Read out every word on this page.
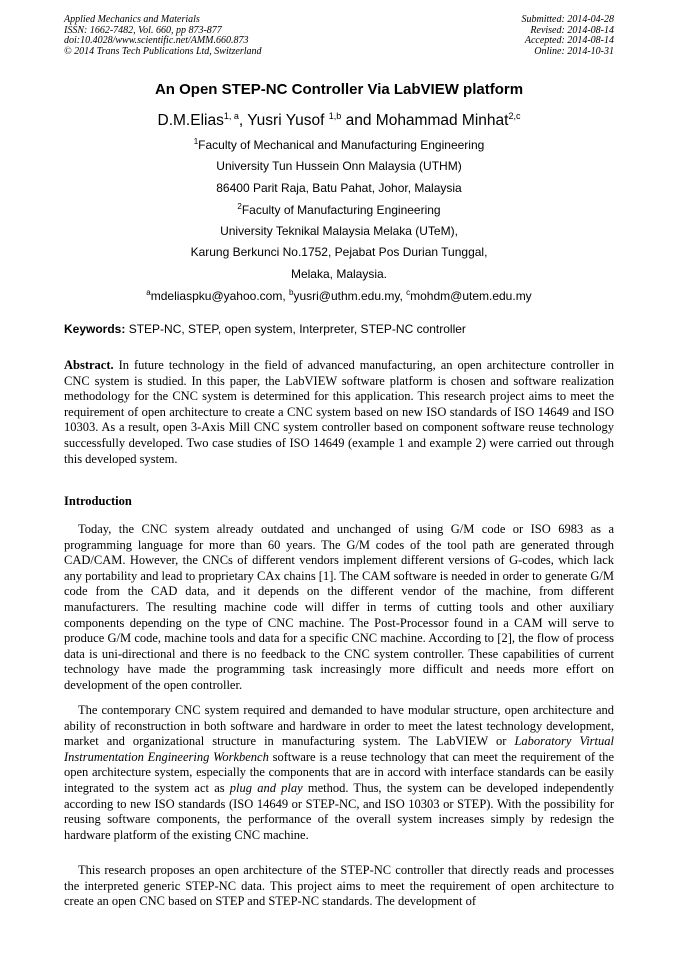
Applied Mechanics and Materials
ISSN: 1662-7482, Vol. 660, pp 873-877
doi:10.4028/www.scientific.net/AMM.660.873
© 2014 Trans Tech Publications Ltd, Switzerland
Submitted: 2014-04-28
Revised: 2014-08-14
Accepted: 2014-08-14
Online: 2014-10-31
An Open STEP-NC Controller Via LabVIEW platform
D.M.Elias$^{1, a}$, Yusri Yusof $^{1,b}$ and Mohammad Minhat$^{2,c}$
$^1$Faculty of Mechanical and Manufacturing Engineering
University Tun Hussein Onn Malaysia (UTHM)
86400 Parit Raja, Batu Pahat, Johor, Malaysia
$^2$Faculty of Manufacturing Engineering
University Teknikal Malaysia Melaka (UTeM),
Karung Berkunci No.1752, Pejabat Pos Durian Tunggal,
Melaka, Malaysia.
$^a$mdeliaspku@yahoo.com, $^b$yusri@uthm.edu.my, $^c$mohdm@utem.edu.my
Keywords: STEP-NC, STEP, open system, Interpreter, STEP-NC controller
Abstract. In future technology in the field of advanced manufacturing, an open architecture controller in CNC system is studied. In this paper, the LabVIEW software platform is chosen and software realization methodology for the CNC system is determined for this application. This research project aims to meet the requirement of open architecture to create a CNC system based on new ISO standards of ISO 14649 and ISO 10303. As a result, open 3-Axis Mill CNC system controller based on component software reuse technology successfully developed. Two case studies of ISO 14649 (example 1 and example 2) were carried out through this developed system.
Introduction
Today, the CNC system already outdated and unchanged of using G/M code or ISO 6983 as a programming language for more than 60 years. The G/M codes of the tool path are generated through CAD/CAM. However, the CNCs of different vendors implement different versions of G-codes, which lack any portability and lead to proprietary CAx chains [1]. The CAM software is needed in order to generate G/M code from the CAD data, and it depends on the different vendor of the machine, from different manufacturers. The resulting machine code will differ in terms of cutting tools and other auxiliary components depending on the type of CNC machine. The Post-Processor found in a CAM will serve to produce G/M code, machine tools and data for a specific CNC machine. According to [2], the flow of process data is uni-directional and there is no feedback to the CNC system controller. These capabilities of current technology have made the programming task increasingly more difficult and needs more effort on development of the open controller.
The contemporary CNC system required and demanded to have modular structure, open architecture and ability of reconstruction in both software and hardware in order to meet the latest technology development, market and organizational structure in manufacturing system. The LabVIEW or Laboratory Virtual Instrumentation Engineering Workbench software is a reuse technology that can meet the requirement of the open architecture system, especially the components that are in accord with interface standards can be easily integrated to the system act as plug and play method. Thus, the system can be developed independently according to new ISO standards (ISO 14649 or STEP-NC, and ISO 10303 or STEP). With the possibility for reusing software components, the performance of the overall system increases simply by redesign the hardware platform of the existing CNC machine.
This research proposes an open architecture of the STEP-NC controller that directly reads and processes the interpreted generic STEP-NC data. This project aims to meet the requirement of open architecture to create an open CNC based on STEP and STEP-NC standards. The development of
